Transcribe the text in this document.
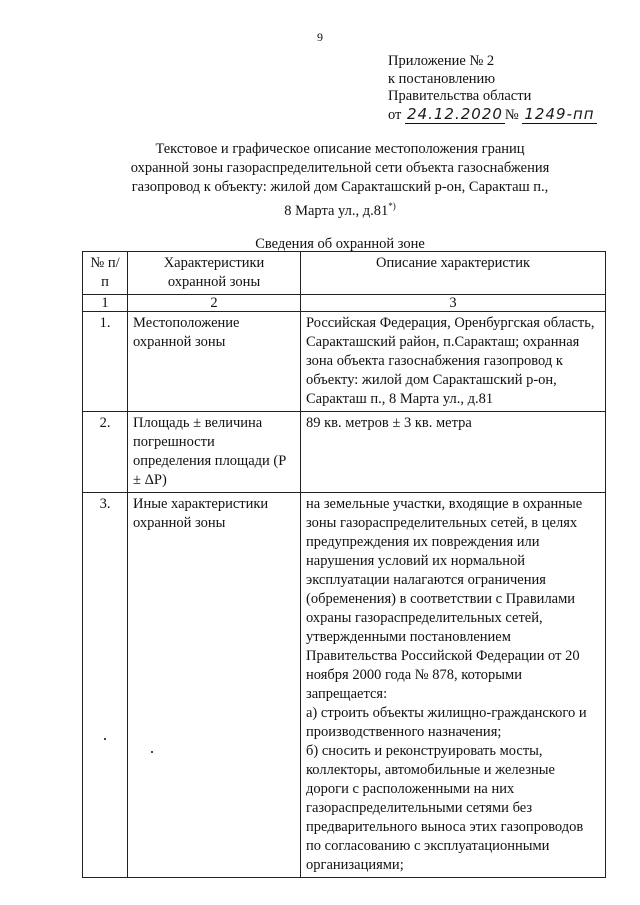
9
Приложение № 2
к постановлению
Правительства области
от 24.12.2020 № 1249-пп
Текстовое и графическое описание местоположения границ
охранной зоны газораспределительной сети объекта газоснабжения
газопровод к объекту: жилой дом Саракташский р-он, Саракташ п.,
8 Марта ул., д.81*)
Сведения об охранной зоне
№ п/п	Характеристики охранной зоны	Описание характеристик
1	2	3
1.	Местоположение охранной зоны	Российская Федерация, Оренбургская область, Саракташский район, п.Саракташ; охранная зона объекта газоснабжения газопровод к объекту: жилой дом Саракташский р-он, Саракташ п., 8 Марта ул., д.81
2.	Площадь ± величина погрешности определения площади (P ± ΔP)	89 кв. метров ± 3 кв. метра
3.	Иные характеристики охранной зоны	на земельные участки, входящие в охранные зоны газораспределительных сетей, в целях предупреждения их повреждения или нарушения условий их нормальной эксплуатации налагаются ограничения (обременения) в соответствии с Правилами охраны газораспределительных сетей, утвержденными постановлением Правительства Российской Федерации от 20 ноября 2000 года № 878, которыми запрещается:
а) строить объекты жилищно-гражданского и производственного назначения;
б) сносить и реконструировать мосты, коллекторы, автомобильные и железные дороги с расположенными на них газораспределительными сетями без предварительного выноса этих газопроводов по согласованию с эксплуатационными организациями;
